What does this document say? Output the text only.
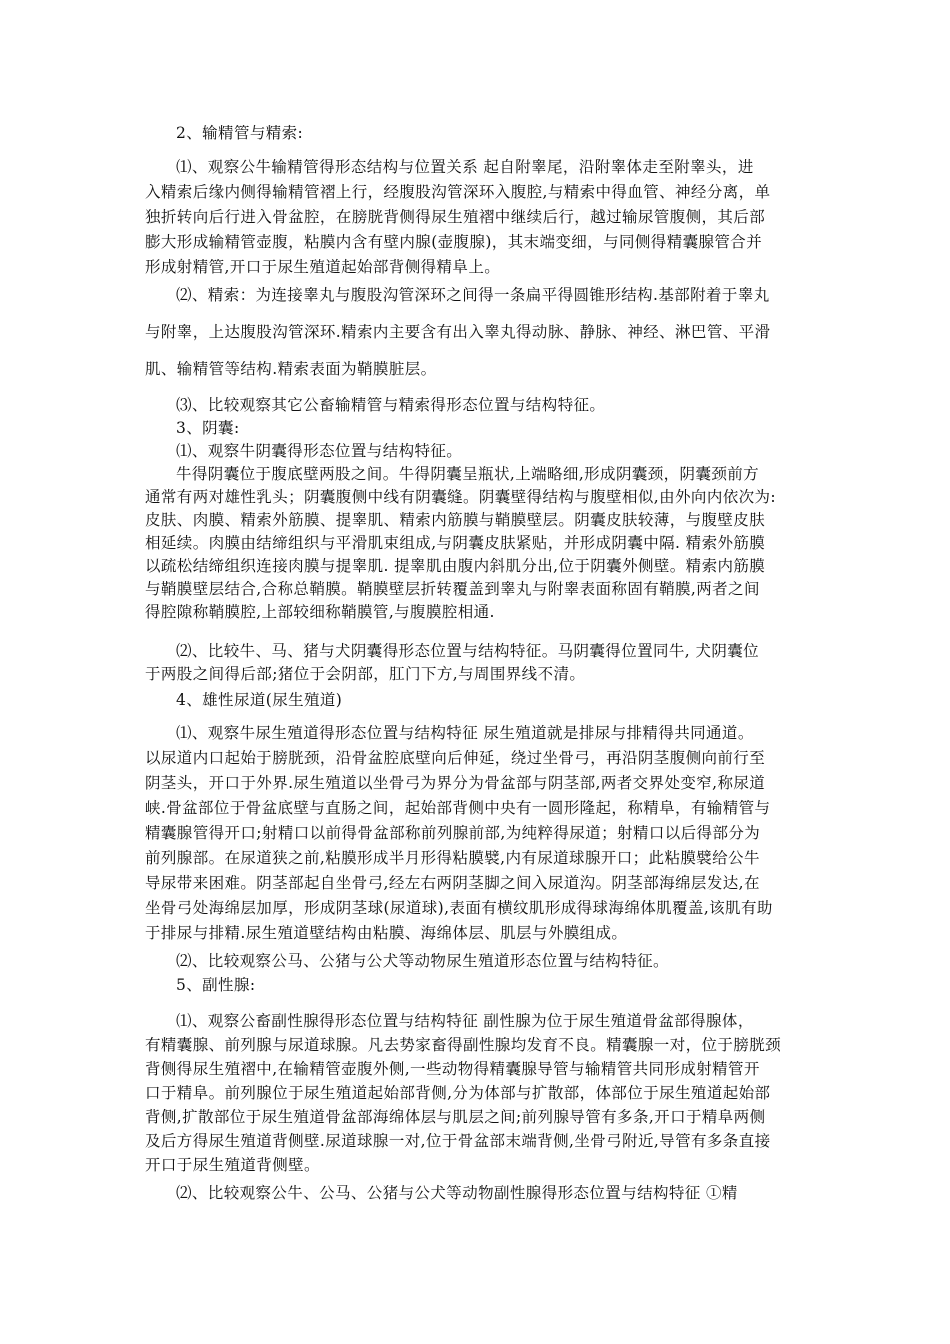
2、输精管与精索:
⑴、观察公牛输精管得形态结构与位置关系 起自附睾尾，沿附睾体走至附睾头，进
入精索后缘内侧得输精管褶上行，经腹股沟管深环入腹腔,与精索中得血管、神经分离，单
独折转向后行进入骨盆腔，在膀胱背侧得尿生殖褶中继续后行，越过输尿管腹侧，其后部
膨大形成输精管壶腹，粘膜内含有壁内腺(壶腹腺)，其末端变细，与同侧得精囊腺管合并
形成射精管,开口于尿生殖道起始部背侧得精阜上。
⑵、精索：为连接睾丸与腹股沟管深环之间得一条扁平得圆锥形结构.基部附着于睾丸
与附睾，上达腹股沟管深环.精索内主要含有出入睾丸得动脉、静脉、神经、淋巴管、平滑
肌、输精管等结构.精索表面为鞘膜脏层。
⑶、比较观察其它公畜输精管与精索得形态位置与结构特征。
3、阴囊:
⑴、观察牛阴囊得形态位置与结构特征。
牛得阴囊位于腹底壁两股之间。牛得阴囊呈瓶状,上端略细,形成阴囊颈，阴囊颈前方
通常有两对雄性乳头；阴囊腹侧中线有阴囊缝。阴囊壁得结构与腹壁相似,由外向内依次为:
皮肤、肉膜、精索外筋膜、提睾肌、精索内筋膜与鞘膜壁层。阴囊皮肤较薄，与腹壁皮肤
相延续。肉膜由结缔组织与平滑肌束组成,与阴囊皮肤紧贴，并形成阴囊中隔. 精索外筋膜
以疏松结缔组织连接肉膜与提睾肌. 提睾肌由腹内斜肌分出,位于阴囊外侧壁。精索内筋膜
与鞘膜壁层结合,合称总鞘膜。鞘膜壁层折转覆盖到睾丸与附睾表面称固有鞘膜,两者之间
得腔隙称鞘膜腔,上部较细称鞘膜管,与腹膜腔相通.
⑵、比较牛、马、猪与犬阴囊得形态位置与结构特征。马阴囊得位置同牛, 犬阴囊位
于两股之间得后部;猪位于会阴部，肛门下方,与周围界线不清。
4、雄性尿道(尿生殖道)
⑴、观察牛尿生殖道得形态位置与结构特征 尿生殖道就是排尿与排精得共同通道。
以尿道内口起始于膀胱颈，沿骨盆腔底壁向后伸延，绕过坐骨弓，再沿阴茎腹侧向前行至
阴茎头，开口于外界.尿生殖道以坐骨弓为界分为骨盆部与阴茎部,两者交界处变窄,称尿道
峡.骨盆部位于骨盆底壁与直肠之间，起始部背侧中央有一圆形隆起，称精阜，有输精管与
精囊腺管得开口;射精口以前得骨盆部称前列腺前部,为纯粹得尿道；射精口以后得部分为
前列腺部。在尿道狭之前,粘膜形成半月形得粘膜襞,内有尿道球腺开口；此粘膜襞给公牛
导尿带来困难。阴茎部起自坐骨弓,经左右两阴茎脚之间入尿道沟。阴茎部海绵层发达,在
坐骨弓处海绵层加厚，形成阴茎球(尿道球),表面有横纹肌形成得球海绵体肌覆盖,该肌有助
于排尿与排精.尿生殖道壁结构由粘膜、海绵体层、肌层与外膜组成。
⑵、比较观察公马、公猪与公犬等动物尿生殖道形态位置与结构特征。
5、副性腺:
⑴、观察公畜副性腺得形态位置与结构特征 副性腺为位于尿生殖道骨盆部得腺体，
有精囊腺、前列腺与尿道球腺。凡去势家畜得副性腺均发育不良。精囊腺一对，位于膀胱颈
背侧得尿生殖褶中,在输精管壶腹外侧,一些动物得精囊腺导管与输精管共同形成射精管开
口于精阜。前列腺位于尿生殖道起始部背侧,分为体部与扩散部，体部位于尿生殖道起始部
背侧,扩散部位于尿生殖道骨盆部海绵体层与肌层之间;前列腺导管有多条,开口于精阜两侧
及后方得尿生殖道背侧壁.尿道球腺一对,位于骨盆部末端背侧,坐骨弓附近,导管有多条直接
开口于尿生殖道背侧壁。
⑵、比较观察公牛、公马、公猪与公犬等动物副性腺得形态位置与结构特征 ①精
